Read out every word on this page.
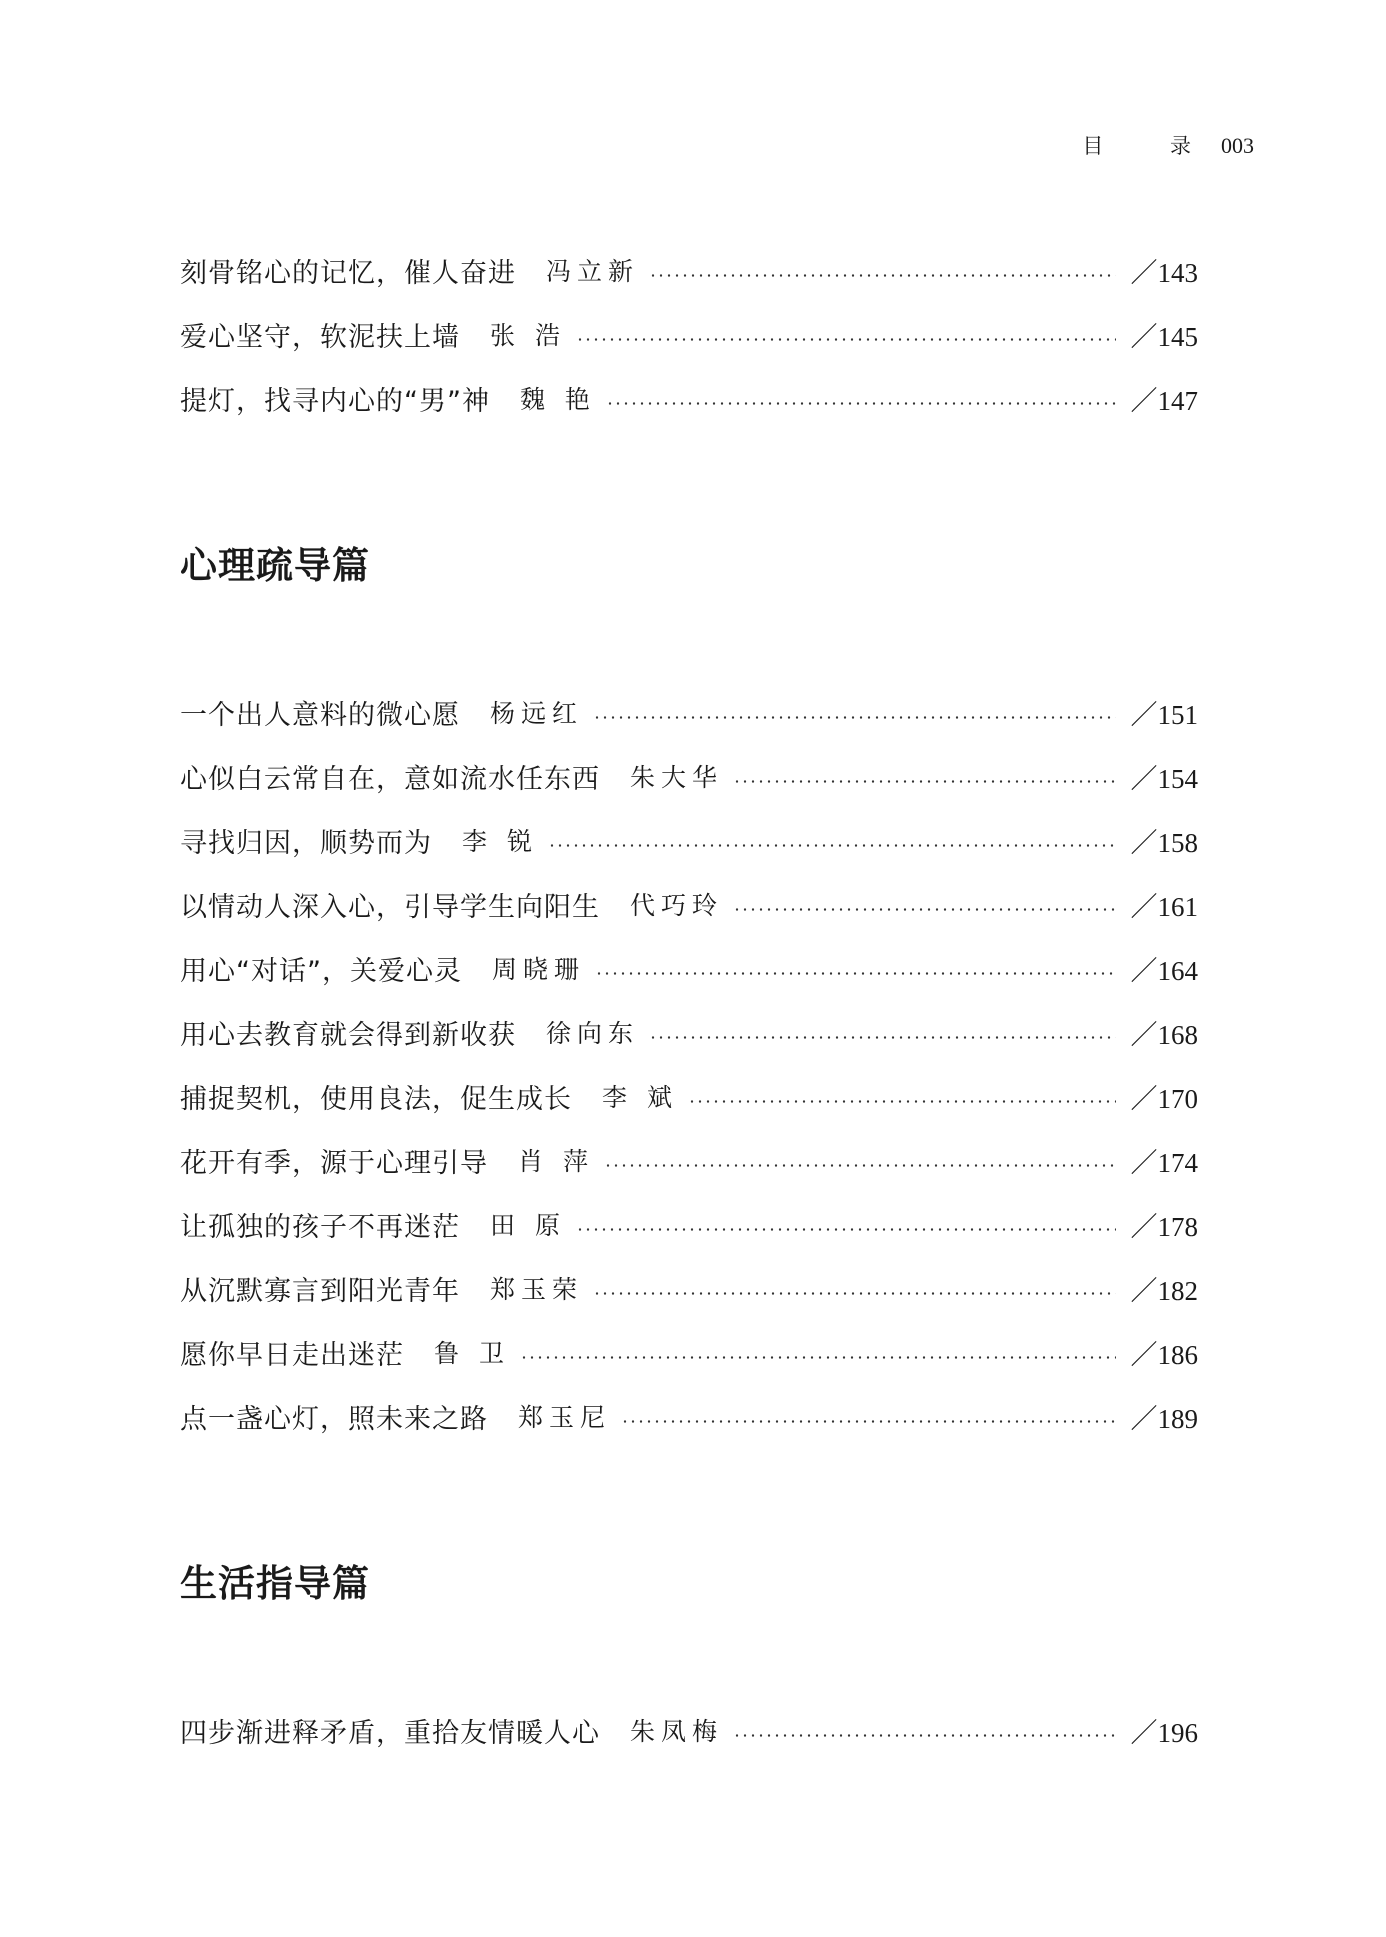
目 录 003
刻骨铭心的记忆，催人奋进 冯立新	／143
爱心坚守，软泥扶上墙 张 浩	／145
提灯，找寻内心的“男”神 魏 艳	／147
心理疏导篇
一个出人意料的微心愿 杨远红	／151
心似白云常自在，意如流水任东西 朱大华	／154
寻找归因，顺势而为 李 锐	／158
以情动人深入心，引导学生向阳生 代巧玲	／161
用心“对话”，关爱心灵 周晓珊	／164
用心去教育就会得到新收获 徐向东	／168
捕捉契机，使用良法，促生成长 李 斌	／170
花开有季，源于心理引导 肖 萍	／174
让孤独的孩子不再迷茫 田 原	／178
从沉默寡言到阳光青年 郑玉荣	／182
愿你早日走出迷茫 鲁 卫	／186
点一盏心灯，照未来之路 郑玉尼	／189
生活指导篇
四步渐进释矛盾，重拾友情暖人心 朱凤梅	／196
